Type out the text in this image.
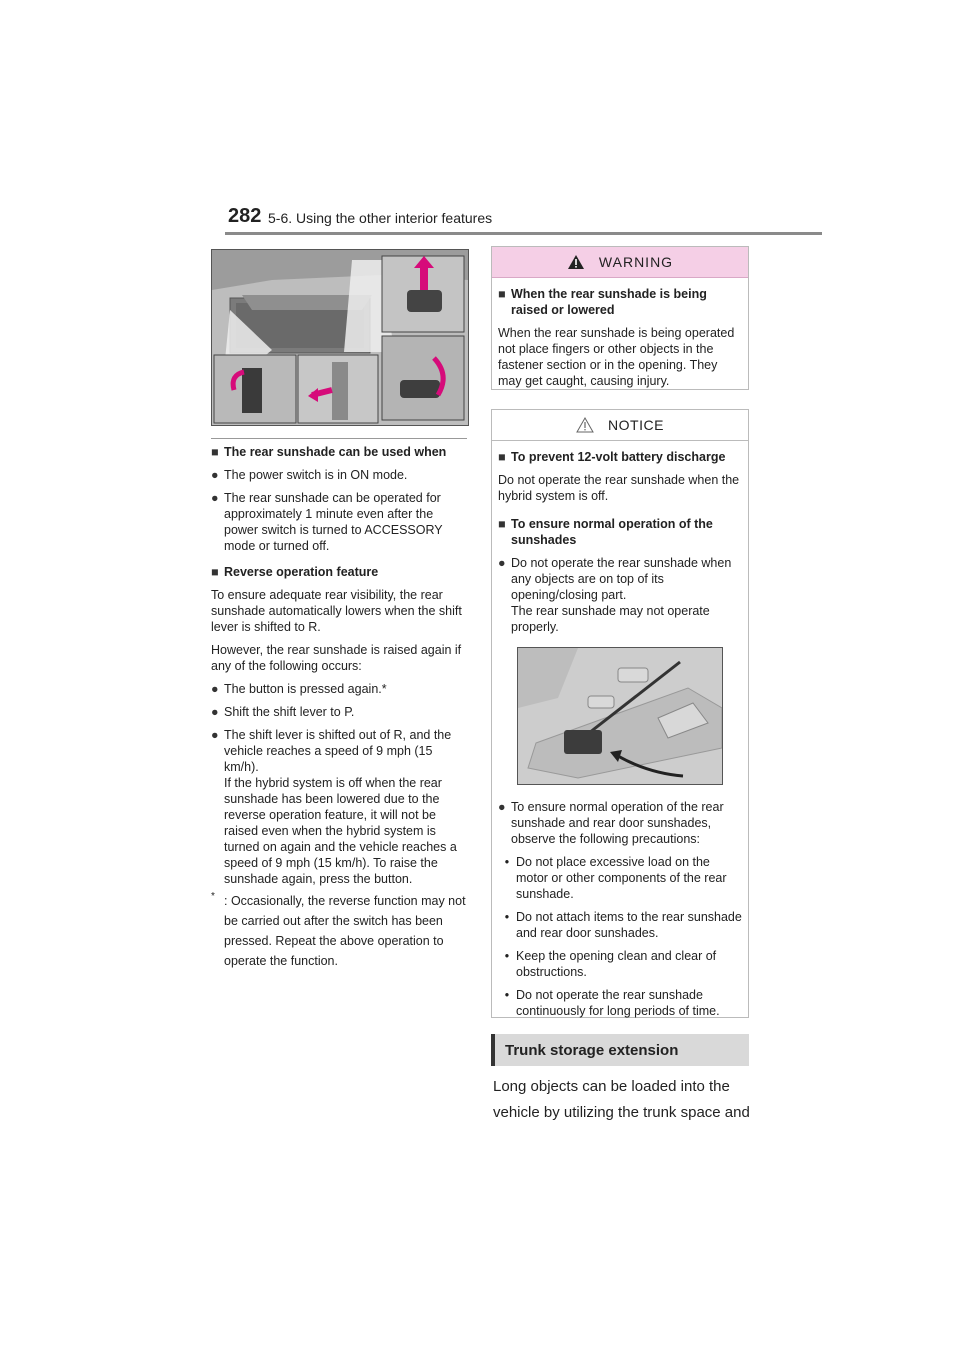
282 5-6. Using the other interior features
■ The rear sunshade can be used when
● The power switch is in ON mode.
● The rear sunshade can be operated for approximately 1 minute even after the power switch is turned to ACCESSORY mode or turned off.
■ Reverse operation feature

To ensure adequate rear visibility, the rear sunshade automatically lowers when the shift lever is shifted to R.

However, the rear sunshade is raised again if any of the following occurs:

● The button is pressed again.*
● Shift the shift lever to P.
● The shift lever is shifted out of R, and the vehicle reaches a speed of 9 mph (15 km/h).
If the hybrid system is off when the rear sunshade has been lowered due to the reverse operation feature, it will not be raised even when the hybrid system is turned on again and the vehicle reaches a speed of 9 mph (15 km/h). To raise the sunshade again, press the button.
* : Occasionally, the reverse function may not be carried out after the switch has been pressed. Repeat the above operation to operate the function.
WARNING
■ When the rear sunshade is being raised or lowered

When the rear sunshade is being operated not place fingers or other objects in the fastener section or in the opening. They may get caught, causing injury.

NOTICE
■ To prevent 12-volt battery discharge

Do not operate the rear sunshade when the hybrid system is off.

■ To ensure normal operation of the sunshades
● Do not operate the rear sunshade when any objects are on top of its opening/closing part.
The rear sunshade may not operate properly.
● To ensure normal operation of the rear sunshade and rear door sunshades, observe the following precautions:
• Do not place excessive load on the motor or other components of the rear sunshade.
• Do not attach items to the rear sunshade and rear door sunshades.
• Keep the opening clean and clear of obstructions.
• Do not operate the rear sunshade continuously for long periods of time.
Trunk storage extension
Long objects can be loaded into the vehicle by utilizing the trunk space and
